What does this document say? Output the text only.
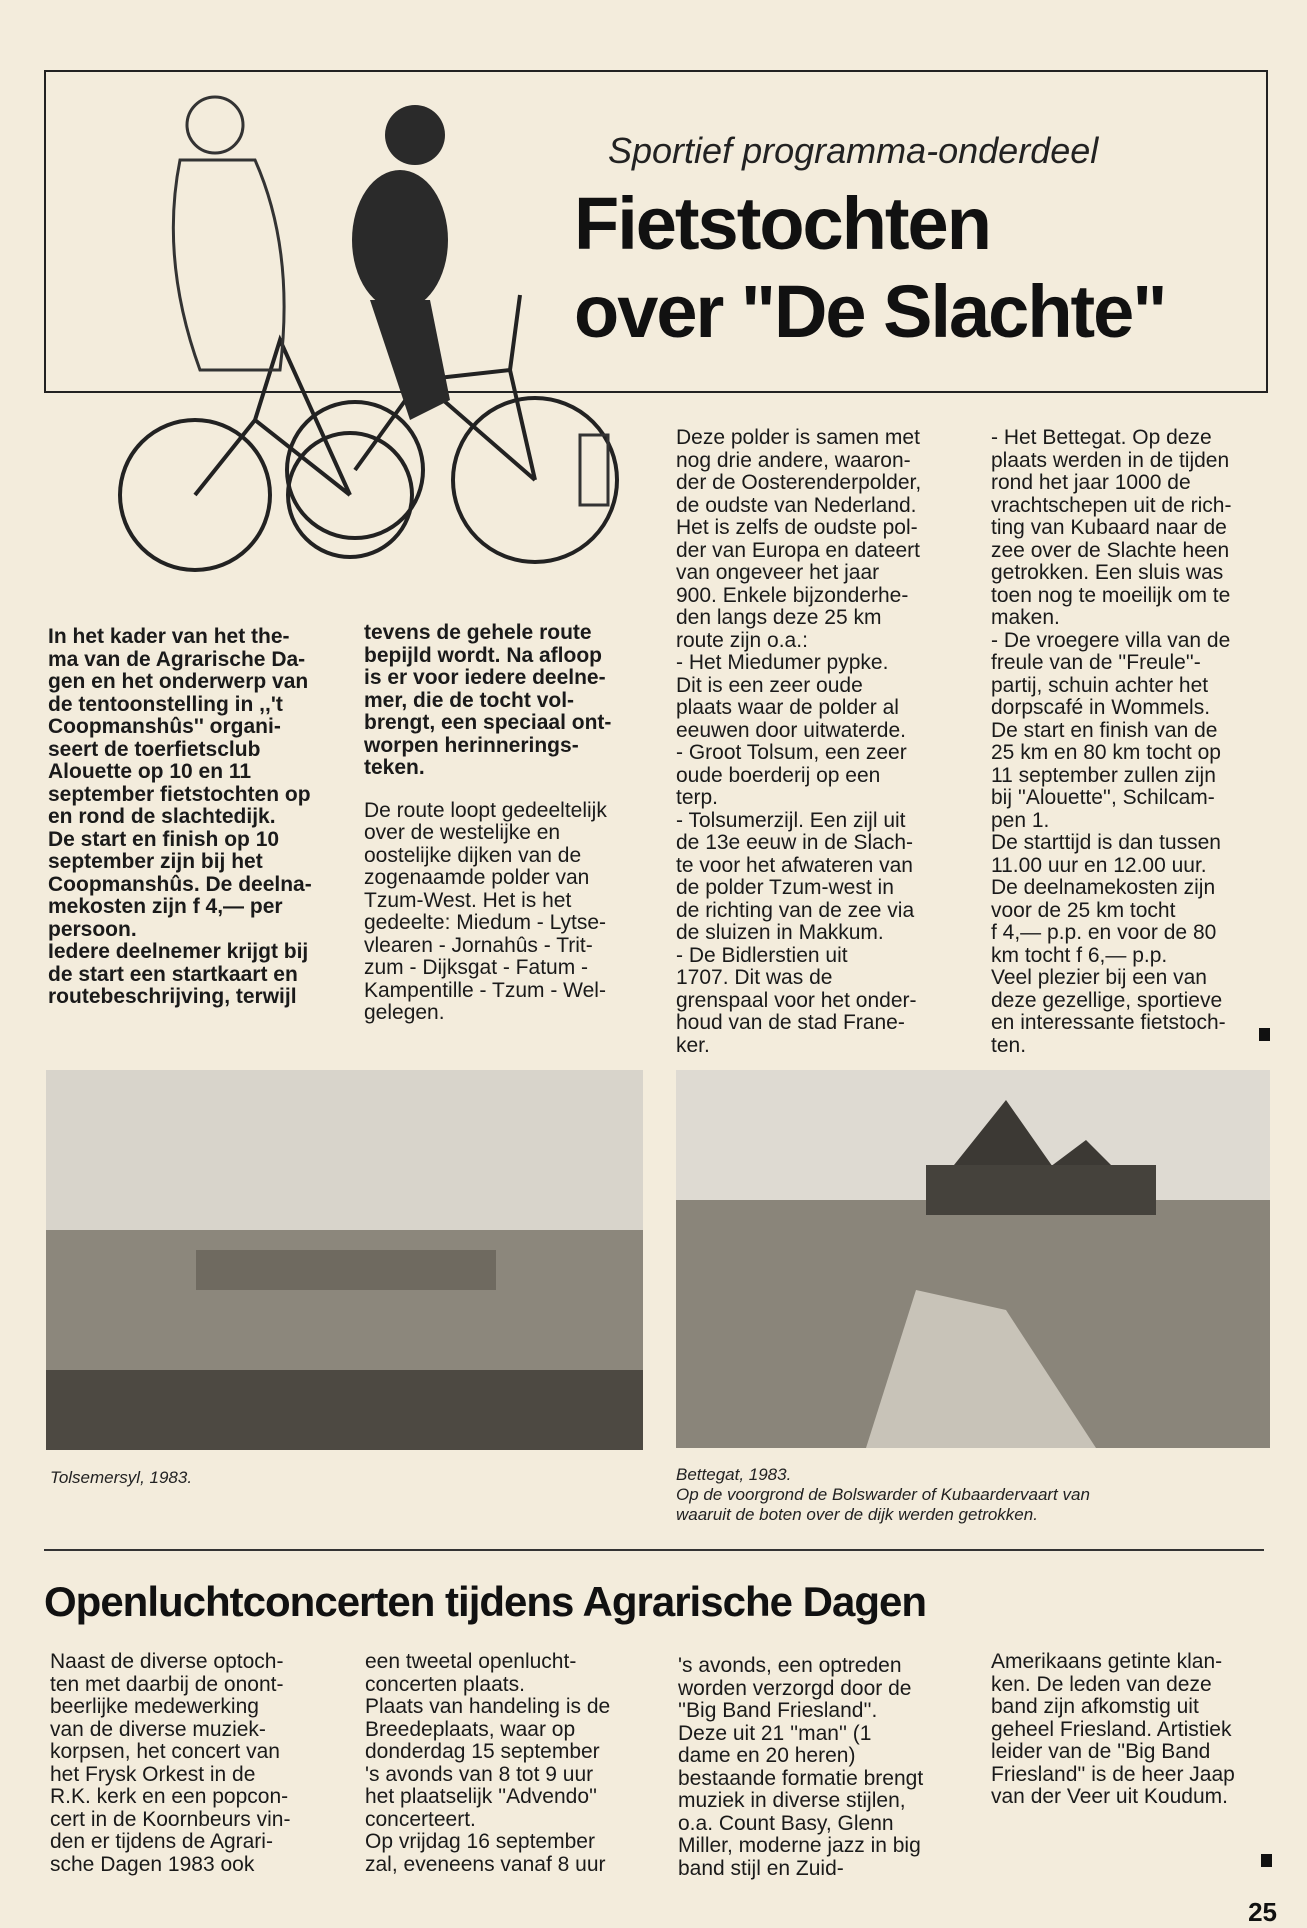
Sportief programma-onderdeel
Fietstochten
over "De Slachte"
In het kader van het the-
ma van de Agrarische Da-
gen en het onderwerp van
de tentoonstelling in ,,'t
Coopmanshûs'' organi-
seert de toerfietsclub
Alouette op 10 en 11
september fietstochten op
en rond de slachtedijk.
De start en finish op 10
september zijn bij het
Coopmanshûs. De deelna-
mekosten zijn f 4,— per
persoon.
Iedere deelnemer krijgt bij
de start een startkaart en
routebeschrijving, terwijl
tevens de gehele route
bepijld wordt. Na afloop
is er voor iedere deelne-
mer, die de tocht vol-
brengt, een speciaal ont-
worpen herinnerings-
teken.
De route loopt gedeeltelijk
over de westelijke en
oostelijke dijken van de
zogenaamde polder van
Tzum-West. Het is het
gedeelte: Miedum - Lytse-
vlearen - Jornahûs - Trit-
zum - Dijksgat - Fatum -
Kampentille - Tzum - Wel-
gelegen.
Deze polder is samen met
nog drie andere, waaron-
der de Oosterenderpolder,
de oudste van Nederland.
Het is zelfs de oudste pol-
der van Europa en dateert
van ongeveer het jaar
900. Enkele bijzonderhe-
den langs deze 25 km
route zijn o.a.:
- Het Miedumer pypke.
Dit is een zeer oude
plaats waar de polder al
eeuwen door uitwaterde.
- Groot Tolsum, een zeer
oude boerderij op een
terp.
- Tolsumerzijl. Een zijl uit
de 13e eeuw in de Slach-
te voor het afwateren van
de polder Tzum-west in
de richting van de zee via
de sluizen in Makkum.
- De Bidlerstien uit
1707. Dit was de
grenspaal voor het onder-
houd van de stad Frane-
ker.
- Het Bettegat. Op deze
plaats werden in de tijden
rond het jaar 1000 de
vrachtschepen uit de rich-
ting van Kubaard naar de
zee over de Slachte heen
getrokken. Een sluis was
toen nog te moeilijk om te
maken.
- De vroegere villa van de
freule van de ''Freule''-
partij, schuin achter het
dorpscafé in Wommels.
De start en finish van de
25 km en 80 km tocht op
11 september zullen zijn
bij ''Alouette'', Schilcam-
pen 1.
De starttijd is dan tussen
11.00 uur en 12.00 uur.
De deelnamekosten zijn
voor de 25 km tocht
f 4,— p.p. en voor de 80
km tocht f 6,— p.p.
Veel plezier bij een van
deze gezellige, sportieve
en interessante fietstoch-
ten.
Tolsemersyl, 1983.	Bettegat, 1983.
Op de voorgrond de Bolswarder of Kubaardervaart van
waaruit de boten over de dijk werden getrokken.
Openluchtconcerten tijdens Agrarische Dagen
Naast de diverse optoch-
ten met daarbij de onont-
beerlijke medewerking
van de diverse muziek-
korpsen, het concert van
het Frysk Orkest in de
R.K. kerk en een popcon-
cert in de Koornbeurs vin-
den er tijdens de Agrari-
sche Dagen 1983 ook
een tweetal openlucht-
concerten plaats.
Plaats van handeling is de
Breedeplaats, waar op
donderdag 15 september
's avonds van 8 tot 9 uur
het plaatselijk ''Advendo''
concerteert.
Op vrijdag 16 september
zal, eveneens vanaf 8 uur
's avonds, een optreden
worden verzorgd door de
''Big Band Friesland''.
Deze uit 21 ''man'' (1
dame en 20 heren)
bestaande formatie brengt
muziek in diverse stijlen,
o.a. Count Basy, Glenn
Miller, moderne jazz in big
band stijl en Zuid-
Amerikaans getinte klan-
ken. De leden van deze
band zijn afkomstig uit
geheel Friesland. Artistiek
leider van de ''Big Band
Friesland'' is de heer Jaap
van der Veer uit Koudum.
25
